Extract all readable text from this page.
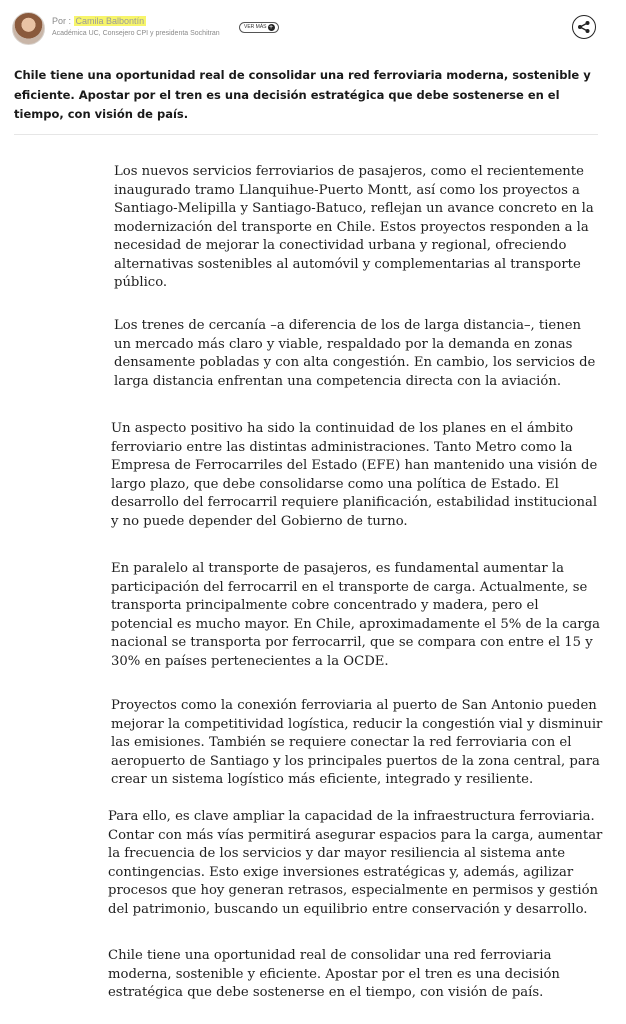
Por : Camila Balbontín
Académica UC, Consejero CPI y presidenta Sochitran
VER MÁS +

Chile tiene una oportunidad real de consolidar una red ferroviaria moderna, sostenible y eficiente. Apostar por el tren es una decisión estratégica que debe sostenerse en el tiempo, con visión de país.

Los nuevos servicios ferroviarios de pasajeros, como el recientemente inaugurado tramo Llanquihue-Puerto Montt, así como los proyectos a Santiago-Melipilla y Santiago-Batuco, reflejan un avance concreto en la modernización del transporte en Chile. Estos proyectos responden a la necesidad de mejorar la conectividad urbana y regional, ofreciendo alternativas sostenibles al automóvil y complementarias al transporte público.

Los trenes de cercanía –a diferencia de los de larga distancia–, tienen un mercado más claro y viable, respaldado por la demanda en zonas densamente pobladas y con alta congestión. En cambio, los servicios de larga distancia enfrentan una competencia directa con la aviación.

Un aspecto positivo ha sido la continuidad de los planes en el ámbito ferroviario entre las distintas administraciones. Tanto Metro como la Empresa de Ferrocarriles del Estado (EFE) han mantenido una visión de largo plazo, que debe consolidarse como una política de Estado. El desarrollo del ferrocarril requiere planificación, estabilidad institucional y no puede depender del Gobierno de turno.

En paralelo al transporte de pasajeros, es fundamental aumentar la participación del ferrocarril en el transporte de carga. Actualmente, se transporta principalmente cobre concentrado y madera, pero el potencial es mucho mayor. En Chile, aproximadamente el 5% de la carga nacional se transporta por ferrocarril, que se compara con entre el 15 y 30% en países pertenecientes a la OCDE.

Proyectos como la conexión ferroviaria al puerto de San Antonio pueden mejorar la competitividad logística, reducir la congestión vial y disminuir las emisiones. También se requiere conectar la red ferroviaria con el aeropuerto de Santiago y los principales puertos de la zona central, para crear un sistema logístico más eficiente, integrado y resiliente.

Para ello, es clave ampliar la capacidad de la infraestructura ferroviaria. Contar con más vías permitirá asegurar espacios para la carga, aumentar la frecuencia de los servicios y dar mayor resiliencia al sistema ante contingencias. Esto exige inversiones estratégicas y, además, agilizar procesos que hoy generan retrasos, especialmente en permisos y gestión del patrimonio, buscando un equilibrio entre conservación y desarrollo.

Chile tiene una oportunidad real de consolidar una red ferroviaria moderna, sostenible y eficiente. Apostar por el tren es una decisión estratégica que debe sostenerse en el tiempo, con visión de país.
